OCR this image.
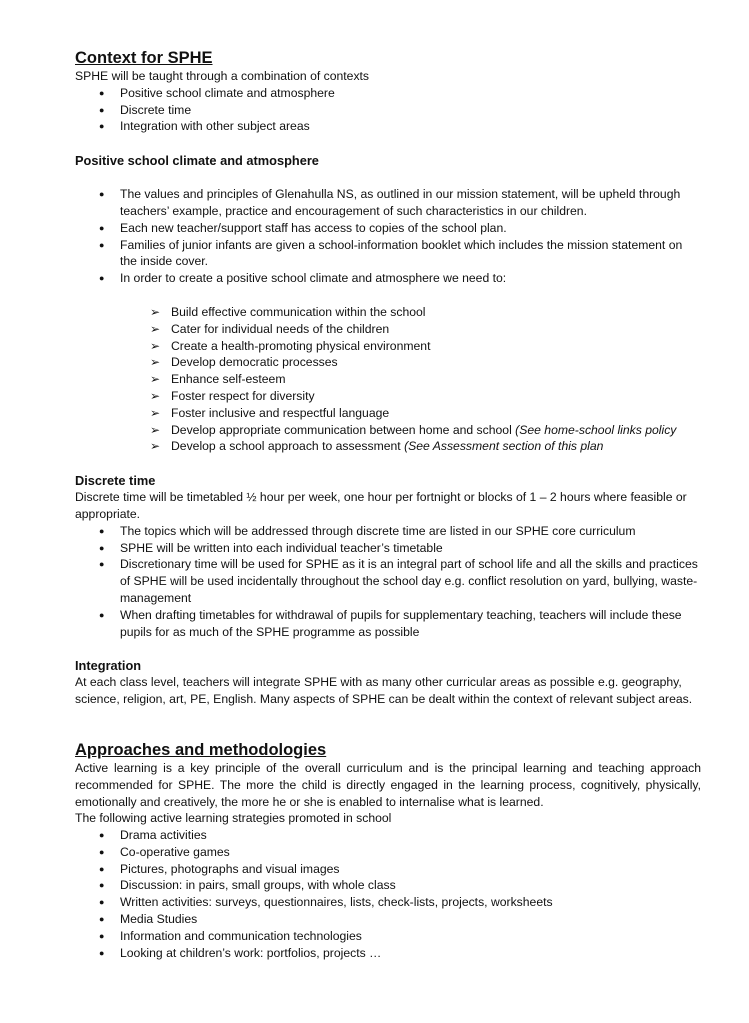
Context for SPHE

SPHE will be taught through a combination of contexts

● Positive school climate and atmosphere
● Discrete time
● Integration with other subject areas
Positive school climate and atmosphere
● The values and principles of Glenahulla NS, as outlined in our mission statement, will be upheld through teachers’ example, practice and encouragement of such characteristics in our children.
● Each new teacher/support staff has access to copies of the school plan.
● Families of junior infants are given a school-information booklet which includes the mission statement on the inside cover.
● In order to create a positive school climate and atmosphere we need to:
➢ Build effective communication within the school
➢ Cater for individual needs of the children
➢ Create a health-promoting physical environment
➢ Develop democratic processes
➢ Enhance self-esteem
➢ Foster respect for diversity
➢ Foster inclusive and respectful language
➢ Develop appropriate communication between home and school (See home-school links policy
➢ Develop a school approach to assessment (See Assessment section of this plan
Discrete time

Discrete time will be timetabled ½ hour per week, one hour per fortnight or blocks of 1 – 2 hours where feasible or appropriate.

● The topics which will be addressed through discrete time are listed in our SPHE core curriculum
● SPHE will be written into each individual teacher’s timetable
● Discretionary time will be used for SPHE as it is an integral part of school life and all the skills and practices of SPHE will be used incidentally throughout the school day e.g. conflict resolution on yard, bullying, waste-management
● When drafting timetables for withdrawal of pupils for supplementary teaching, teachers will include these pupils for as much of the SPHE programme as possible
Integration

At each class level, teachers will integrate SPHE with as many other curricular areas as possible e.g. geography, science, religion, art, PE, English. Many aspects of SPHE can be dealt within the context of relevant subject areas.

Approaches and methodologies

Active learning is a key principle of the overall curriculum and is the principal learning and teaching approach recommended for SPHE. The more the child is directly engaged in the learning process, cognitively, physically, emotionally and creatively, the more he or she is enabled to internalise what is learned.

The following active learning strategies promoted in school

● Drama activities
● Co-operative games
● Pictures, photographs and visual images
● Discussion: in pairs, small groups, with whole class
● Written activities: surveys, questionnaires, lists, check-lists, projects, worksheets
● Media Studies
● Information and communication technologies
● Looking at children’s work: portfolios, projects …
